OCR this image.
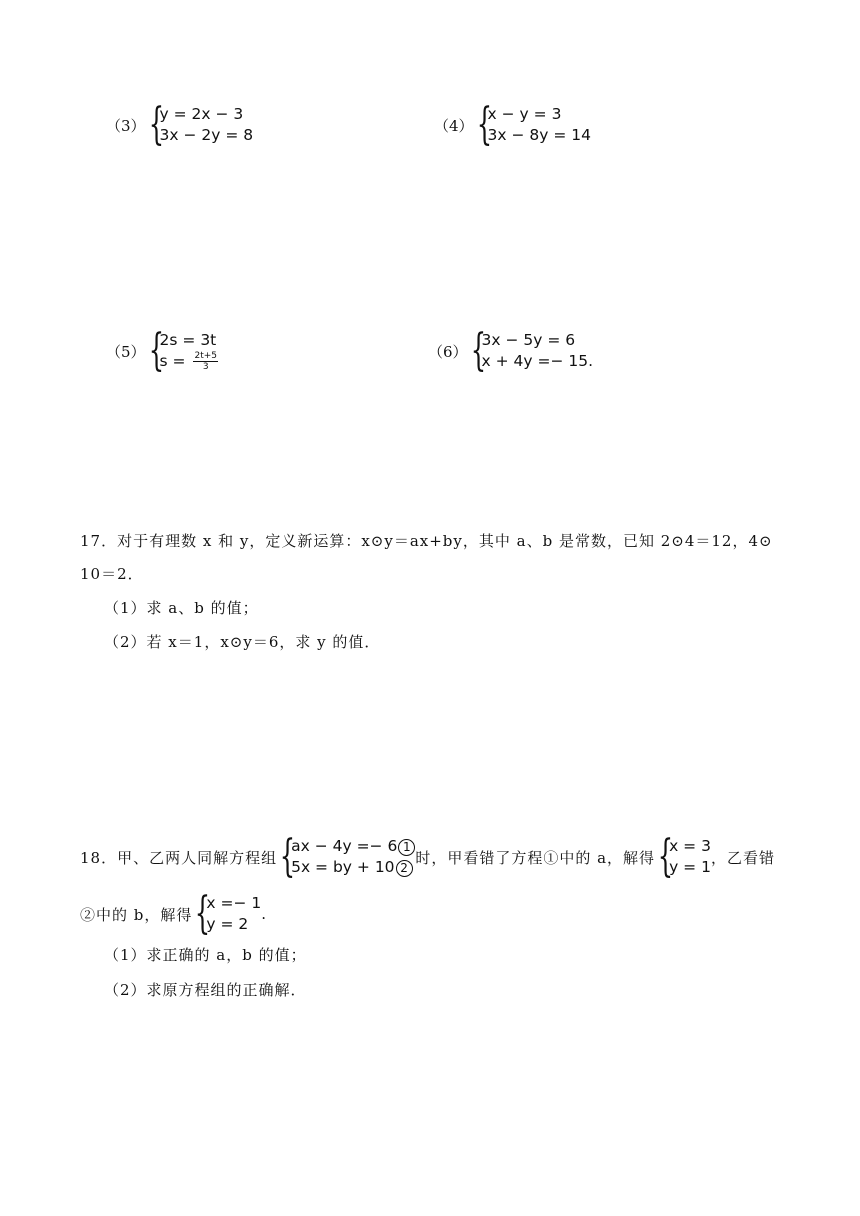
（3） {
y = 2x − 3
3x − 2y = 8
（4） {
x − y = 3
3x − 8y = 14
（5） {
2s = 3t
$s = \frac{2t+5}{3}$	（6） {
3x − 5y = 6
x + 4y =− 15.
17．对于有理数 x 和 y，定义新运算：x⊙y＝ax+by，其中 a、b 是常数，已知 2⊙4＝12，4⊙
10＝2．
（1）求 a、b 的值；
（2）若 x＝1，x⊙y＝6，求 y 的值．
18．甲、乙两人同解方程组 {
ax − 4y =− 6 1
5x = by + 10 2
时，甲看错了方程①中的 a，解得 {
x = 3
y = 1
，乙看错
②中的 b，解得 {
x =− 1
y = 2
.
（1）求正确的 a，b 的值；
（2）求原方程组的正确解．
